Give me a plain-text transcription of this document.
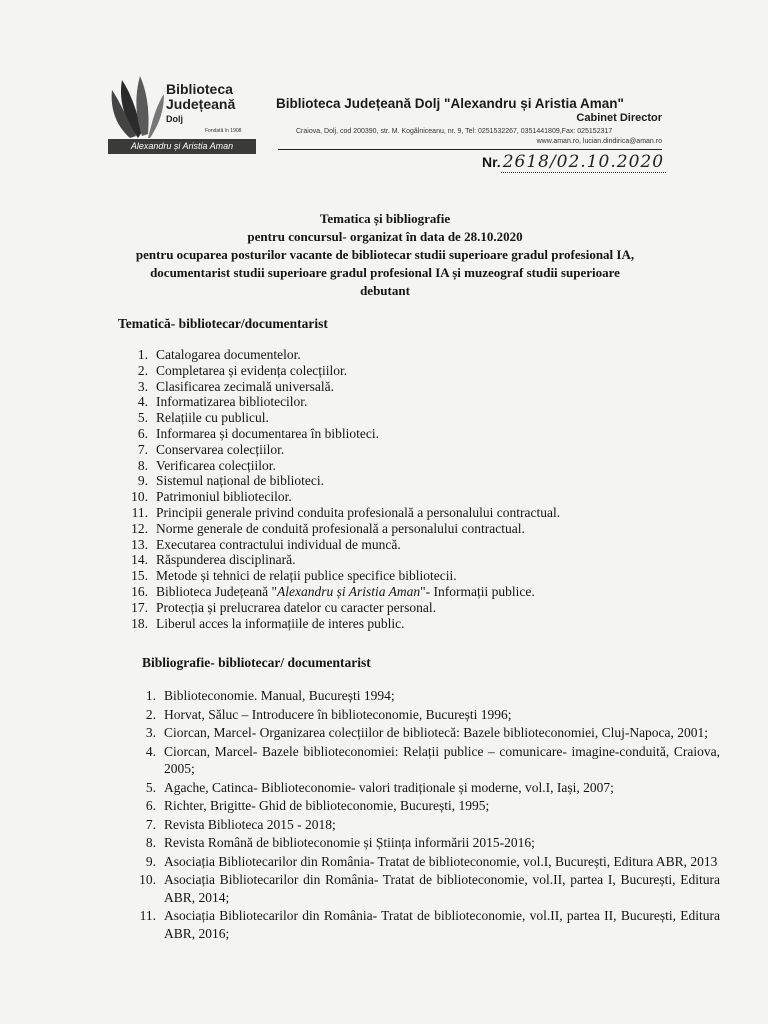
Biblioteca
Județeană
Dolj
Fondată în 1908
Alexandru și Aristia Aman
Biblioteca Județeană Dolj "Alexandru și Aristia Aman"
Cabinet Director
Craiova, Dolj, cod 200390, str. M. Kogălniceanu, nr. 9, Tel: 0251532267, 0351441809,Fax: 025152317
www.aman.ro, lucian.dindirica@aman.ro
Nr. 2618/02.10.2020
Tematica și bibliografie
pentru concursul- organizat în data de 28.10.2020
pentru ocuparea posturilor vacante de bibliotecar studii superioare gradul profesional IA,
documentarist studii superioare gradul profesional IA și muzeograf studii superioare
debutant
Tematică- bibliotecar/documentarist
1. Catalogarea documentelor.
2. Completarea și evidența colecțiilor.
3. Clasificarea zecimală universală.
4. Informatizarea bibliotecilor.
5. Relațiile cu publicul.
6. Informarea și documentarea în biblioteci.
7. Conservarea colecțiilor.
8. Verificarea colecțiilor.
9. Sistemul național de biblioteci.
10. Patrimoniul bibliotecilor.
11. Principii generale privind conduita profesională a personalului contractual.
12. Norme generale de conduită profesională a personalului contractual.
13. Executarea contractului individual de muncă.
14. Răspunderea disciplinară.
15. Metode și tehnici de relații publice specifice bibliotecii.
16. Biblioteca Județeană "Alexandru și Aristia Aman"- Informații publice.
17. Protecția și prelucrarea datelor cu caracter personal.
18. Liberul acces la informațiile de interes public.
Bibliografie- bibliotecar/ documentarist
1. Biblioteconomie. Manual, București 1994;
2. Horvat, Săluc – Introducere în biblioteconomie, București 1996;
3. Ciorcan, Marcel- Organizarea colecțiilor de bibliotecă: Bazele biblioteconomiei, Cluj-Napoca, 2001;
4. Ciorcan, Marcel- Bazele biblioteconomiei: Relații publice – comunicare- imagine-conduită, Craiova, 2005;
5. Agache, Catinca- Biblioteconomie- valori tradiționale și moderne, vol.I, Iași, 2007;
6. Richter, Brigitte- Ghid de biblioteconomie, București, 1995;
7. Revista Biblioteca 2015 - 2018;
8. Revista Română de biblioteconomie și Știința informării 2015-2016;
9. Asociația Bibliotecarilor din România- Tratat de biblioteconomie, vol.I, București, Editura ABR, 2013
10. Asociația Bibliotecarilor din România- Tratat de biblioteconomie, vol.II, partea I, București, Editura ABR, 2014;
11. Asociația Bibliotecarilor din România- Tratat de biblioteconomie, vol.II, partea II, București, Editura ABR, 2016;
